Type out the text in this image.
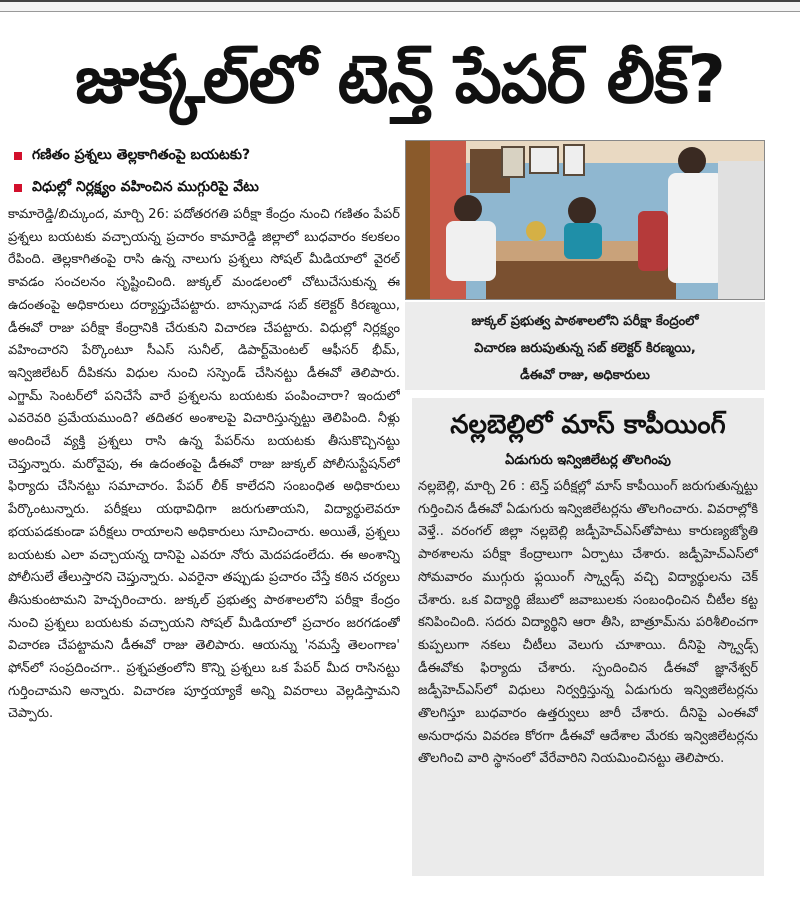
జుక్కల్‌లో టెన్త్ పేపర్ లీక్?
గణితం ప్రశ్నలు తెల్లకాగితంపై బయటకు?
విధుల్లో నిర్లక్ష్యం వహించిన ముగ్గురిపై వేటు

కామారెడ్డి/బిచ్కుంద, మార్చి 26: పదోతరగతి పరీక్షా కేంద్రం నుంచి గణితం పేపర్ ప్రశ్నలు బయటకు వచ్చాయన్న ప్రచారం కామారెడ్డి జిల్లాలో బుధవారం కలకలం రేపింది. తెల్లకాగితంపై రాసి ఉన్న నాలుగు ప్రశ్నలు సోషల్ మీడియాలో వైరల్ కావడం సంచలనం సృష్టించింది. జుక్కల్ మండలంలో చోటుచేసుకున్న ఈ ఉదంతంపై అధికారులు దర్యాప్తుచేపట్టారు. బాన్సువాడ సబ్ కలెక్టర్ కిరణ్మయి, డీఈవో రాజు పరీక్షా కేంద్రానికి చేరుకుని విచారణ చేపట్టారు. విధుల్లో నిర్లక్ష్యం వహించారని పేర్కొంటూ సీఎస్ సునీల్, డిపార్ట్‌మెంటల్ ఆఫీసర్ భీమ్, ఇన్విజిలేటర్ దీపికను విధుల నుంచి సస్పెండ్ చేసినట్టు డీఈవో తెలిపారు. ఎగ్జామ్ సెంటర్‌లో పనిచేసే వారే ప్రశ్నలను బయటకు పంపించారా? ఇందులో ఎవరెవరి ప్రమేయముంది? తదితర అంశాలపై విచారిస్తున్నట్టు తెలిపింది. నీళ్లు అందించే వ్యక్తి ప్రశ్నలు రాసి ఉన్న పేపర్‌ను బయటకు తీసుకొచ్చినట్టు చెప్తున్నారు. మరోవైపు, ఈ ఉదంతంపై డీఈవో రాజు జుక్కల్ పోలీసుస్టేషన్‌లో ఫిర్యాదు చేసినట్టు సమాచారం. పేపర్ లీక్ కాలేదని సంబంధిత అధికారులు పేర్కొంటున్నారు. పరీక్షలు యథావిధిగా జరుగుతాయని, విద్యార్థులెవరూ భయపడకుండా పరీక్షలు రాయాలని అధికారులు సూచించారు. అయితే, ప్రశ్నలు బయటకు ఎలా వచ్చాయన్న దానిపై ఎవరూ నోరు మెదపడంలేదు. ఈ అంశాన్ని పోలీసులే తేలుస్తారని చెప్తున్నారు. ఎవరైనా తప్పుడు ప్రచారం చేస్తే కఠిన చర్యలు తీసుకుంటామని హెచ్చరించారు. జుక్కల్ ప్రభుత్వ పాఠశాలలోని పరీక్షా కేంద్రం నుంచి ప్రశ్నలు బయటకు వచ్చాయని సోషల్ మీడియాలో ప్రచారం జరగడంతో విచారణ చేపట్టామని డీఈవో రాజు తెలిపారు. ఆయన్ను 'నమస్తే తెలంగాణ' ఫోన్‌లో సంప్రదించగా.. ప్రశ్నపత్రంలోని కొన్ని ప్రశ్నలు ఒక పేపర్ మీద రాసినట్టు గుర్తించామని అన్నారు. విచారణ పూర్తయ్యాకే అన్ని వివరాలు వెల్లడిస్తామని చెప్పారు.

జుక్కల్ ప్రభుత్వ పాఠశాలలోని పరీక్షా కేంద్రంలో
విచారణ జరుపుతున్న సబ్ కలెక్టర్ కిరణ్మయి,
డీఈవో రాజు, అధికారులు
నల్లబెల్లిలో మాస్ కాపీయింగ్
ఏడుగురు ఇన్విజిలేటర్ల తొలగింపు
నల్లబెల్లి, మార్చి 26 : టెన్త్ పరీక్షల్లో మాస్ కాపీయింగ్ జరుగుతున్నట్టు గుర్తించిన డీఈవో ఏడుగురు ఇన్విజిలేటర్లను తొలగించారు. వివరాల్లోకి వెళ్తే.. వరంగల్ జిల్లా నల్లబెల్లి జడ్పీహెచ్ఎస్‌తోపాటు కారుణ్యజ్యోతి పాఠశాలను పరీక్షా కేంద్రాలుగా ఏర్పాటు చేశారు. జడ్పీహెచ్ఎస్‌లో సోమవారం ముగ్గురు ఫ్లయింగ్ స్క్వాడ్స్ వచ్చి విద్యార్థులను చెక్ చేశారు. ఒక విద్యార్థి జేబులో జవాబులకు సంబంధించిన చీటీల కట్ట కనిపించింది. సదరు విద్యార్థిని ఆరా తీసి, బాత్రూమ్‌ను పరిశీలించగా కుప్పలుగా నకలు చీటీలు వెలుగు చూశాయి. దీనిపై స్క్వాడ్స్ డీఈవోకు ఫిర్యాదు చేశారు. స్పందించిన డీఈవో జ్ఞానేశ్వర్ జడ్పీహెచ్ఎస్‌లో విధులు నిర్వర్తిస్తున్న ఏడుగురు ఇన్విజిలేటర్లను తొలగిస్తూ బుధవారం ఉత్తర్వులు జారీ చేశారు. దీనిపై ఎంఈవో అనురాధను వివరణ కోరగా డీఈవో ఆదేశాల మేరకు ఇన్విజిలేటర్లను తొలగించి వారి స్థానంలో వేరేవారిని నియమించినట్టు తెలిపారు.
